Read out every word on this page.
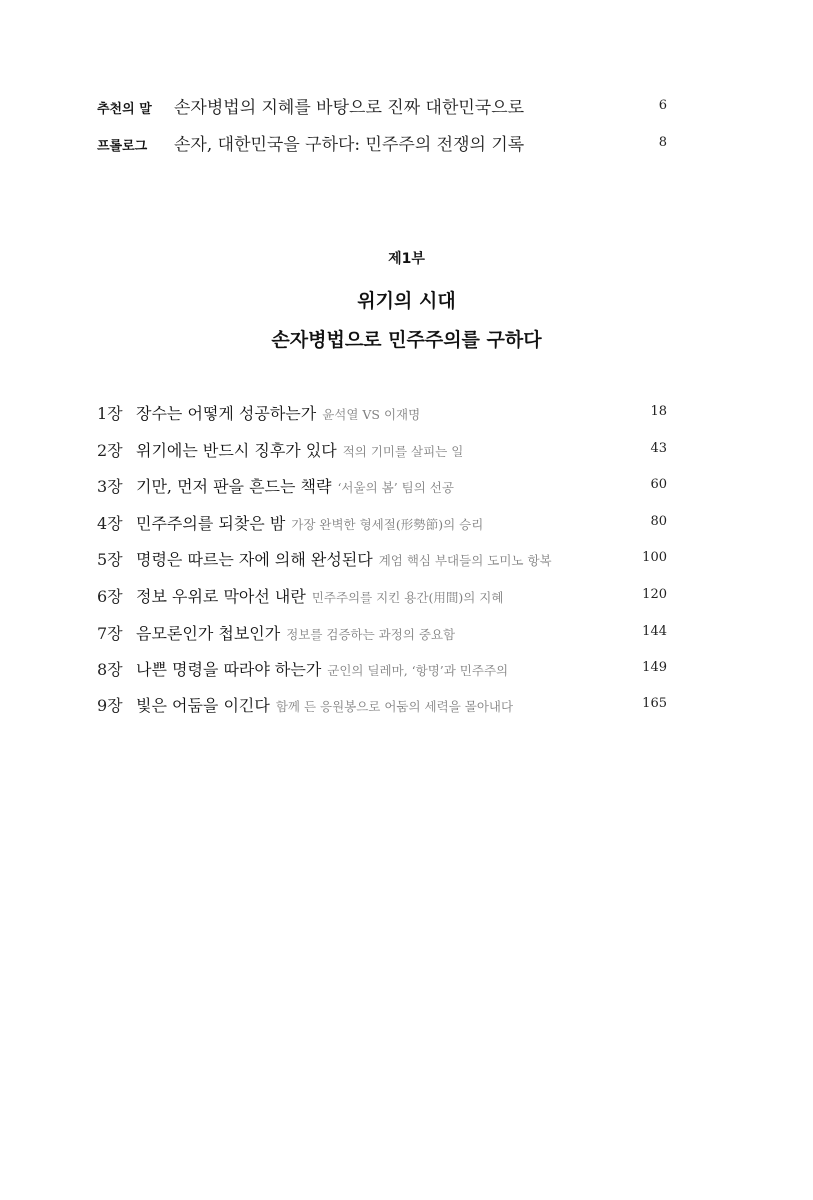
추천의 말 손자병법의 지혜를 바탕으로 진짜 대한민국으로	6
프롤로그 손자, 대한민국을 구하다: 민주주의 전쟁의 기록	8
제1부
위기의 시대
손자병법으로 민주주의를 구하다
1장 장수는 어떻게 성공하는가 윤석열 VS 이재명	18
2장 위기에는 반드시 징후가 있다 적의 기미를 살피는 일	43
3장 기만, 먼저 판을 흔드는 책략 ‘서울의 봄’ 팀의 선공	60
4장 민주주의를 되찾은 밤 가장 완벽한 형세절(形勢節)의 승리	80
5장 명령은 따르는 자에 의해 완성된다 계엄 핵심 부대들의 도미노 항복	100
6장 정보 우위로 막아선 내란 민주주의를 지킨 용간(用間)의 지혜	120
7장 음모론인가 첩보인가 정보를 검증하는 과정의 중요함	144
8장 나쁜 명령을 따라야 하는가 군인의 딜레마, ‘항명’과 민주주의	149
9장 빛은 어둠을 이긴다 함께 든 응원봉으로 어둠의 세력을 몰아내다	165
